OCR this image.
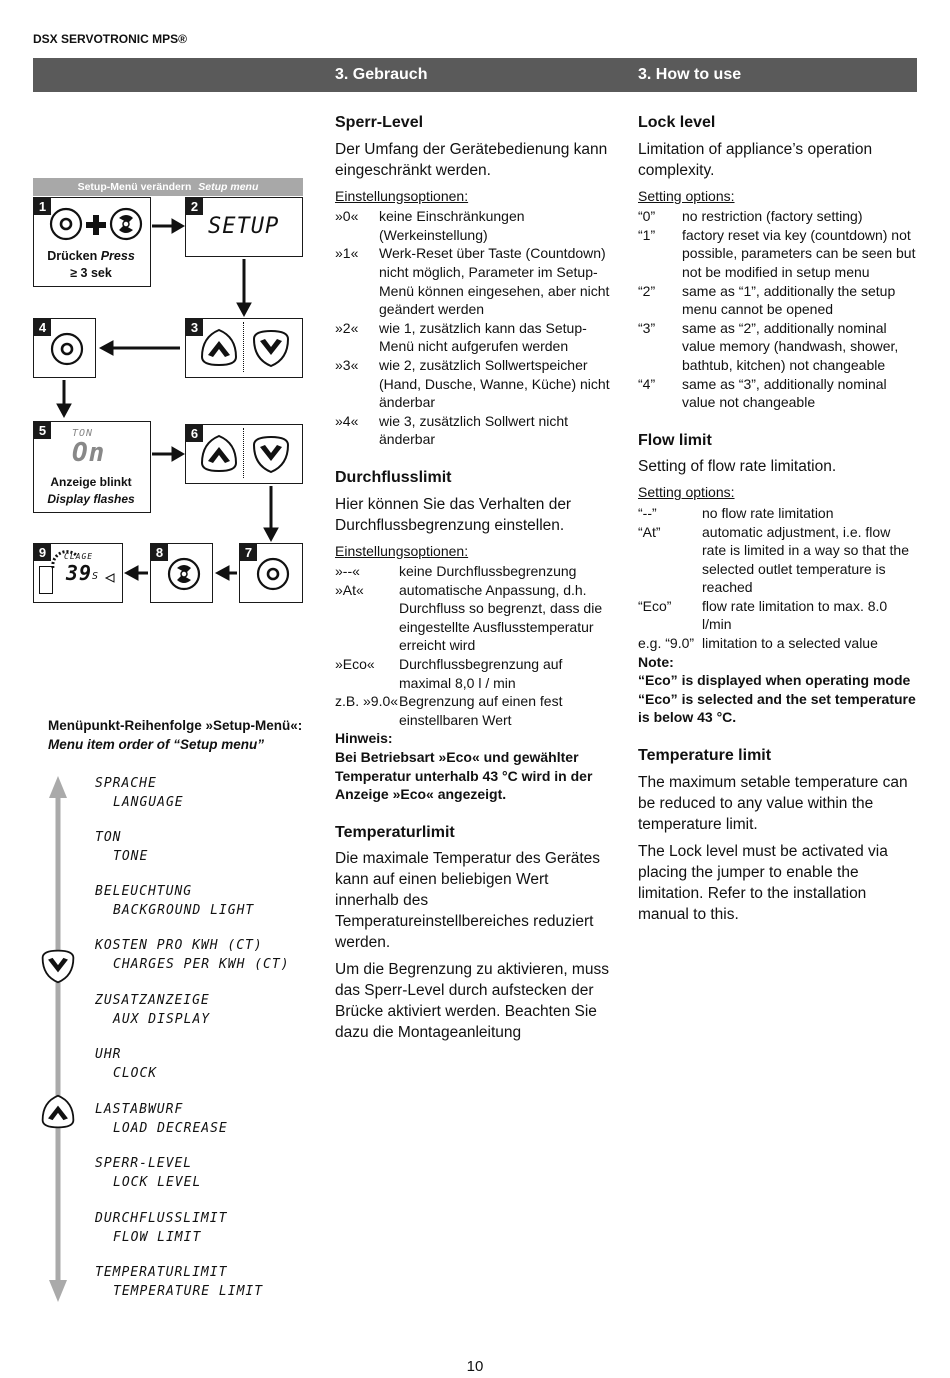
DSX SERVOTRONIC MPS®
3. Gebrauch	3. How to use
Setup-Menü verändern Setup menu
1
Drücken Press
≥ 3 sek
2
SETUP
3
4
5	TON
On
Anzeige blinkt
Display flashes
6
7
8
9	CLAGE
39 S
Menüpunkt-Reihenfolge »Setup-Menü«:
Menu item order of “Setup menu”
SPRACHE
LANGUAGE
TON
TONE
BELEUCHTUNG
BACKGROUND LIGHT
KOSTEN PRO KWH (CT)
CHARGES PER KWH (CT)
ZUSATZANZEIGE
AUX DISPLAY
UHR
CLOCK
LASTABWURF
LOAD DECREASE
SPERR-LEVEL
LOCK LEVEL
DURCHFLUSSLIMIT
FLOW LIMIT
TEMPERATURLIMIT
TEMPERATURE LIMIT
Sperr-Level

Der Umfang der Gerätebedienung kann eingeschränkt werden.

Einstellungsoptionen:
»0«	keine Einschränkungen (Werkeinstellung)
»1«	Werk-Reset über Taste (Countdown) nicht möglich, Parameter im Setup-Menü können eingesehen, aber nicht geändert werden
»2«	wie 1, zusätzlich kann das Setup-Menü nicht aufgerufen werden
»3«	wie 2, zusätzlich Sollwertspeicher (Hand, Dusche, Wanne, Küche) nicht änderbar
»4«	wie 3, zusätzlich Sollwert nicht änderbar
Durchflusslimit

Hier können Sie das Verhalten der Durchflussbegrenzung einstellen.

Einstellungsoptionen:
»--«	keine Durchflussbegrenzung
»At«	automatische Anpassung, d.h. Durchfluss so begrenzt, dass die eingestellte Ausflusstemperatur erreicht wird
»Eco«	Durchflussbegrenzung auf maximal 8,0 l / min
z.B. »9.0« Begrenzung auf einen fest einstellbaren Wert
Hinweis:
Bei Betriebsart »Eco« und gewählter Temperatur unterhalb 43 °C wird in der Anzeige »Eco« angezeigt.
Temperaturlimit

Die maximale Temperatur des Gerätes kann auf einen beliebigen Wert innerhalb des Temperatureinstellbereiches reduziert werden.

Um die Begrenzung zu aktivieren, muss das Sperr-Level durch aufstecken der Brücke aktiviert werden. Beachten Sie dazu die Montageanleitung

Lock level

Limitation of appliance’s operation complexity.

Setting options:
“0”	no restriction (factory setting)
“1”	factory reset via key (countdown) not possible, parameters can be seen but not be modified in setup menu
“2”	same as “1”, additionally the setup menu cannot be opened
“3”	same as “2”, additionally nominal value memory (handwash, shower, bathtub, kitchen) not changeable
“4”	same as “3”, additionally nominal value not changeable
Flow limit

Setting of flow rate limitation.

Setting options:
“--”	no flow rate limitation
“At”	automatic adjustment, i.e. flow rate is limited in a way so that the selected outlet temperature is reached
“Eco”	flow rate limitation to max. 8.0 l/min
e.g. “9.0” limitation to a selected value
Note:
“Eco” is displayed when operating mode “Eco” is selected and the set temperature is below 43 °C.
Temperature limit

The maximum setable temperature can be reduced to any value within the temperature limit.

The Lock level must be activated via placing the jumper to enable the limitation. Refer to the installation manual to this.

10
